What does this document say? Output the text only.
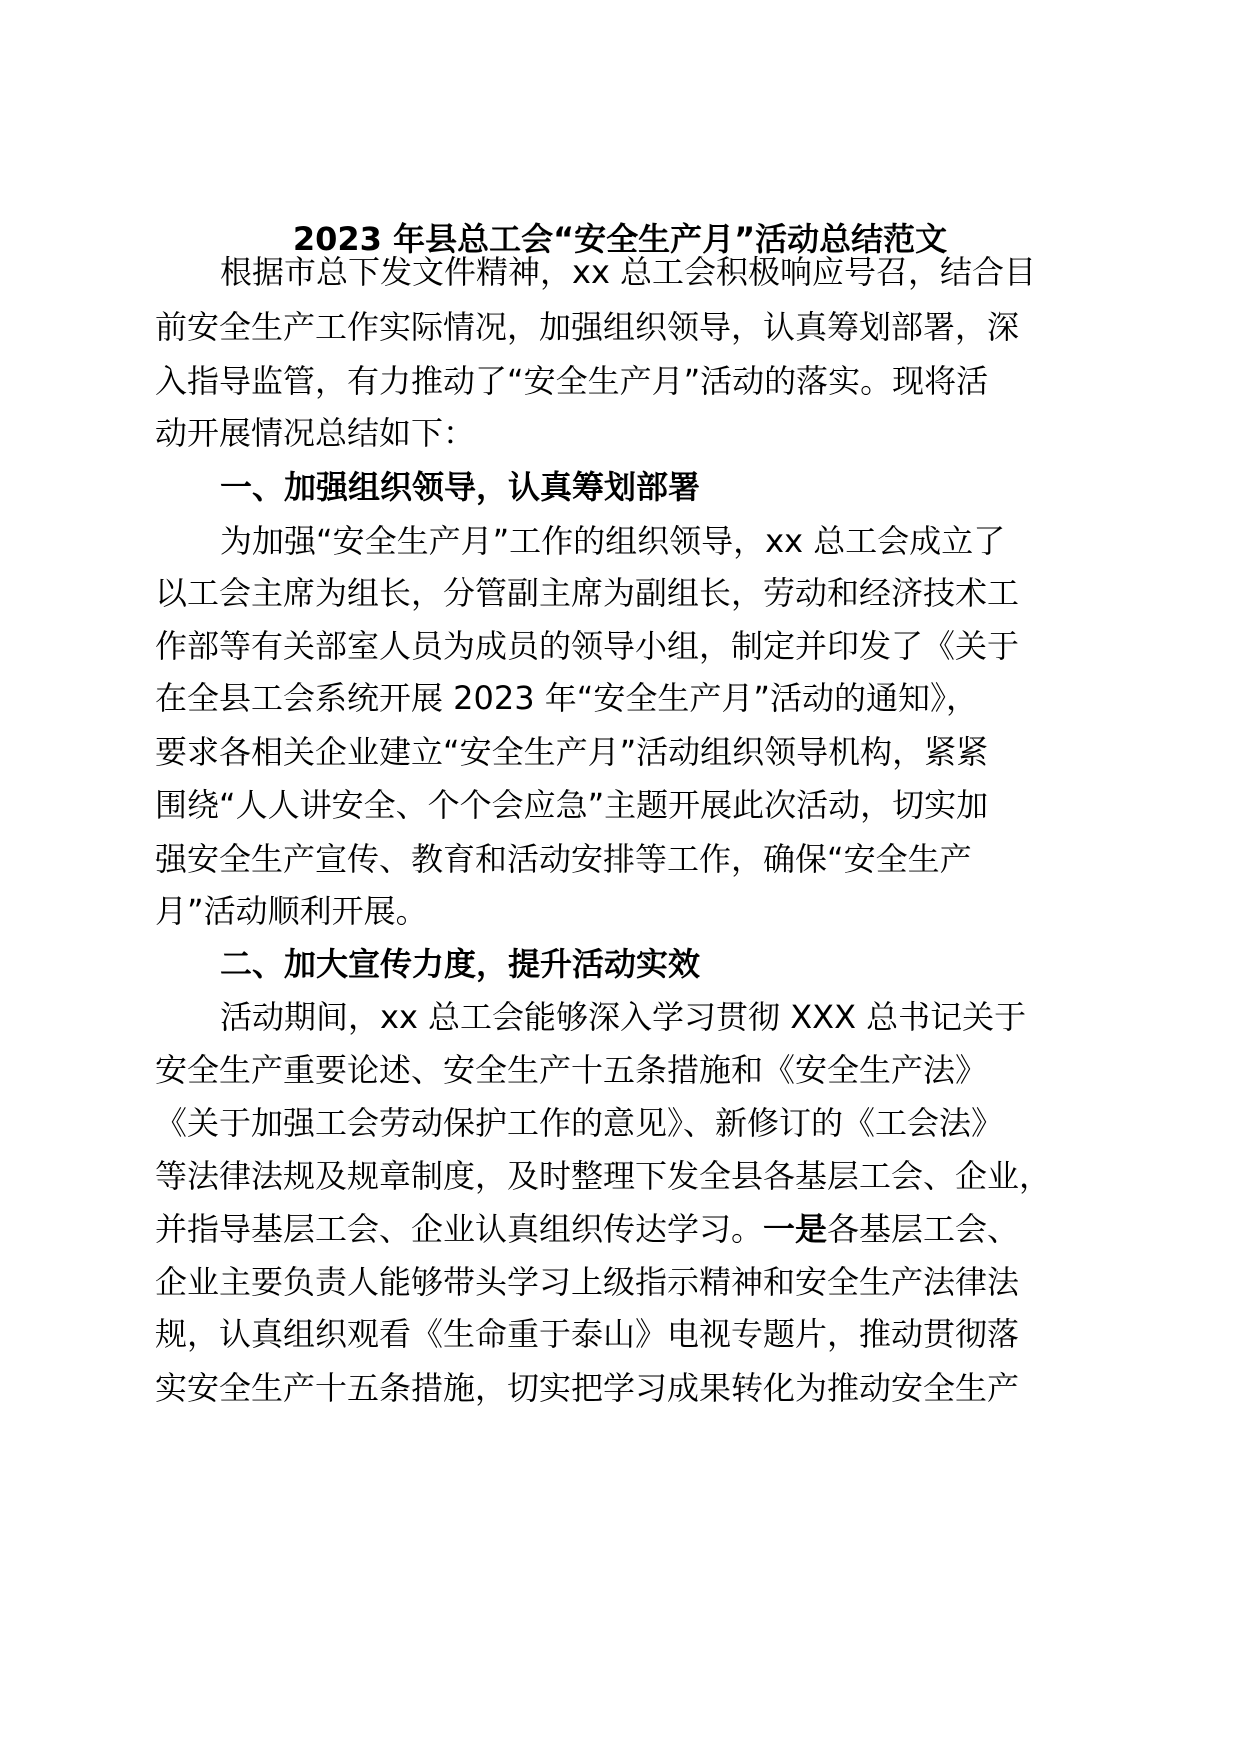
2023 年县总工会“安全生产月”活动总结范文

根据市总下发文件精神，xx 总工会积极响应号召，结合目

前安全生产工作实际情况，加强组织领导，认真筹划部署，深

入指导监管，有力推动了“安全生产月”活动的落实。现将活

动开展情况总结如下：

一、加强组织领导，认真筹划部署

为加强“安全生产月”工作的组织领导，xx 总工会成立了

以工会主席为组长，分管副主席为副组长，劳动和经济技术工

作部等有关部室人员为成员的领导小组，制定并印发了《关于

在全县工会系统开展 2023 年“安全生产月”活动的通知》，

要求各相关企业建立“安全生产月”活动组织领导机构，紧紧

围绕“人人讲安全、个个会应急”主题开展此次活动，切实加

强安全生产宣传、教育和活动安排等工作，确保“安全生产

月”活动顺利开展。

二、加大宣传力度，提升活动实效

活动期间，xx 总工会能够深入学习贯彻 XXX 总书记关于

安全生产重要论述、安全生产十五条措施和《安全生产法》

《关于加强工会劳动保护工作的意见》、新修订的《工会法》

等法律法规及规章制度，及时整理下发全县各基层工会、企业，

并指导基层工会、企业认真组织传达学习。一是各基层工会、

企业主要负责人能够带头学习上级指示精神和安全生产法律法

规，认真组织观看《生命重于泰山》电视专题片，推动贯彻落

实安全生产十五条措施，切实把学习成果转化为推动安全生产
